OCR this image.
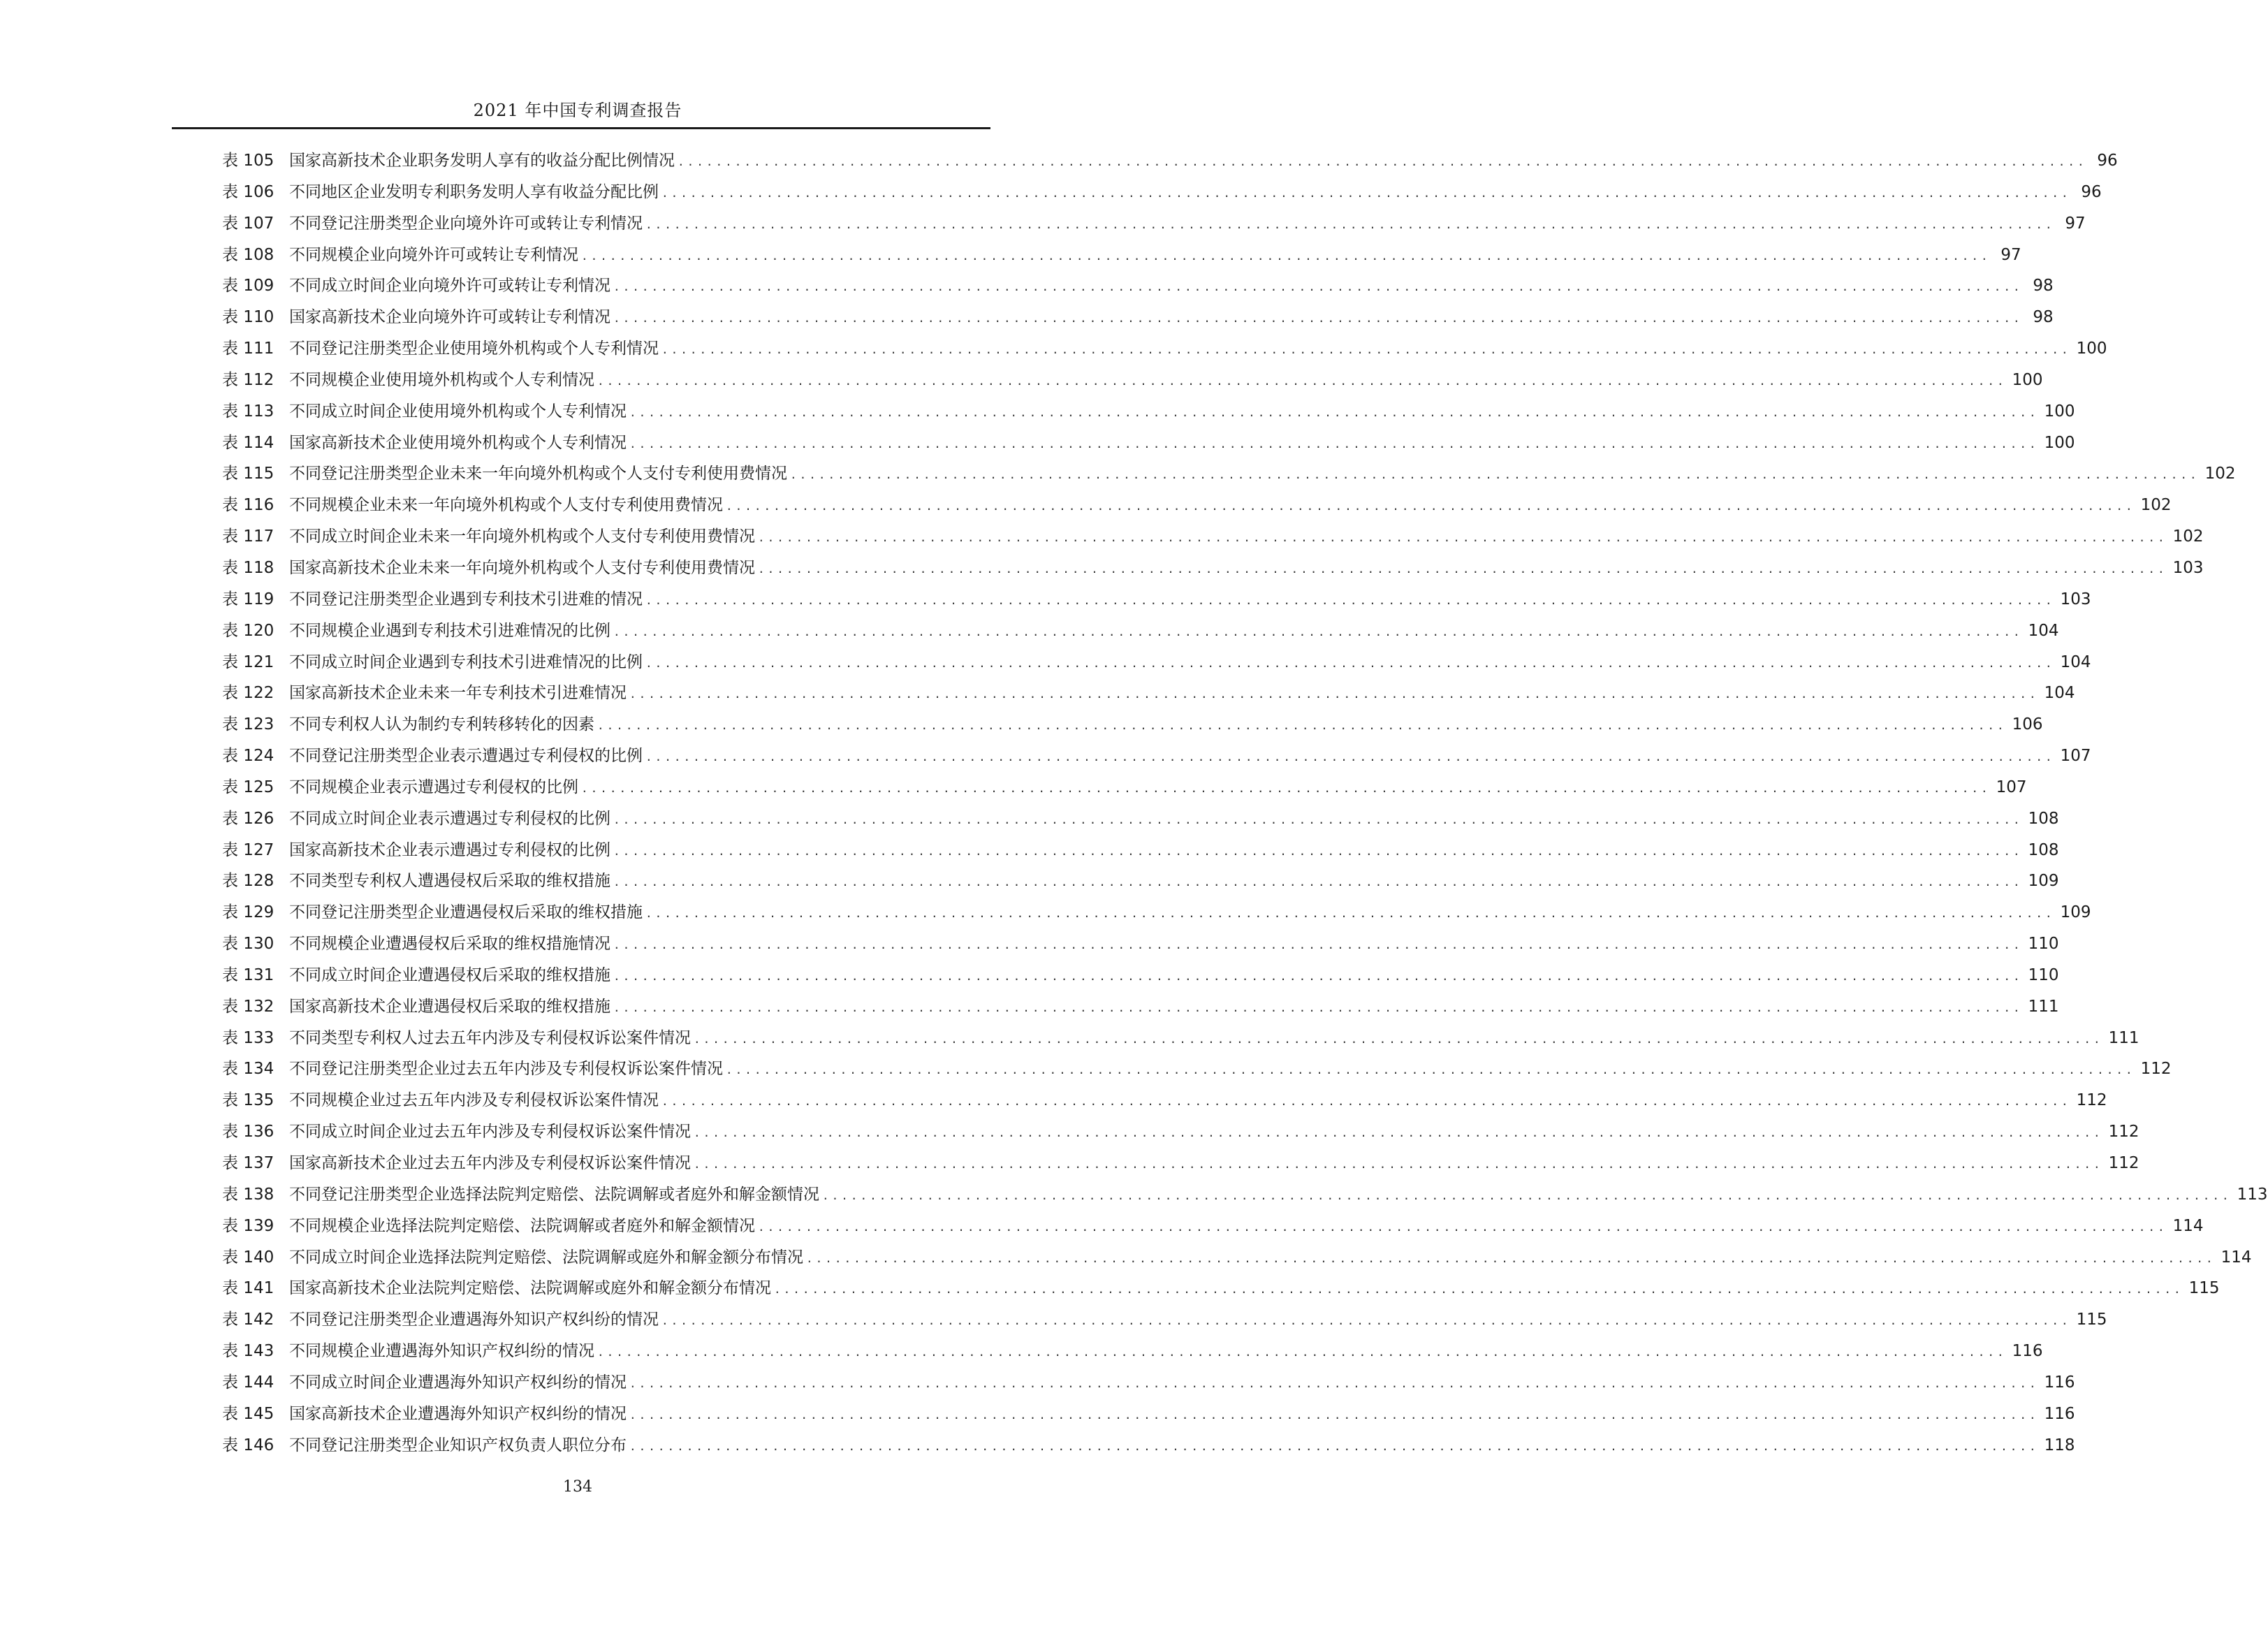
2021 年中国专利调查报告
表 105 国家高新技术企业职务发明人享有的收益分配比例情况 .....	96
表 106 不同地区企业发明专利职务发明人享有收益分配比例 .....	96
表 107 不同登记注册类型企业向境外许可或转让专利情况 .....	97
表 108 不同规模企业向境外许可或转让专利情况 .....	97
表 109 不同成立时间企业向境外许可或转让专利情况 .....	98
表 110 国家高新技术企业向境外许可或转让专利情况 .....	98
表 111 不同登记注册类型企业使用境外机构或个人专利情况 .....	100
表 112 不同规模企业使用境外机构或个人专利情况 .....	100
表 113 不同成立时间企业使用境外机构或个人专利情况 .....	100
表 114 国家高新技术企业使用境外机构或个人专利情况 .....	100
表 115 不同登记注册类型企业未来一年向境外机构或个人支付专利使用费情况 .....	102
表 116 不同规模企业未来一年向境外机构或个人支付专利使用费情况 .....	102
表 117 不同成立时间企业未来一年向境外机构或个人支付专利使用费情况 .....	102
表 118 国家高新技术企业未来一年向境外机构或个人支付专利使用费情况 .....	103
表 119 不同登记注册类型企业遇到专利技术引进难的情况 .....	103
表 120 不同规模企业遇到专利技术引进难情况的比例 .....	104
表 121 不同成立时间企业遇到专利技术引进难情况的比例 .....	104
表 122 国家高新技术企业未来一年专利技术引进难情况 .....	104
表 123 不同专利权人认为制约专利转移转化的因素 .....	106
表 124 不同登记注册类型企业表示遭遇过专利侵权的比例 .....	107
表 125 不同规模企业表示遭遇过专利侵权的比例 .....	107
表 126 不同成立时间企业表示遭遇过专利侵权的比例 .....	108
表 127 国家高新技术企业表示遭遇过专利侵权的比例 .....	108
表 128 不同类型专利权人遭遇侵权后采取的维权措施 .....	109
表 129 不同登记注册类型企业遭遇侵权后采取的维权措施 .....	109
表 130 不同规模企业遭遇侵权后采取的维权措施情况 .....	110
表 131 不同成立时间企业遭遇侵权后采取的维权措施 .....	110
表 132 国家高新技术企业遭遇侵权后采取的维权措施 .....	111
表 133 不同类型专利权人过去五年内涉及专利侵权诉讼案件情况 .....	111
表 134 不同登记注册类型企业过去五年内涉及专利侵权诉讼案件情况 .....	112
表 135 不同规模企业过去五年内涉及专利侵权诉讼案件情况 .....	112
表 136 不同成立时间企业过去五年内涉及专利侵权诉讼案件情况 .....	112
表 137 国家高新技术企业过去五年内涉及专利侵权诉讼案件情况 .....	112
表 138 不同登记注册类型企业选择法院判定赔偿、法院调解或者庭外和解金额情况 .....	113
表 139 不同规模企业选择法院判定赔偿、法院调解或者庭外和解金额情况 .....	114
表 140 不同成立时间企业选择法院判定赔偿、法院调解或庭外和解金额分布情况 .....	114
表 141 国家高新技术企业法院判定赔偿、法院调解或庭外和解金额分布情况 .....	115
表 142 不同登记注册类型企业遭遇海外知识产权纠纷的情况 .....	115
表 143 不同规模企业遭遇海外知识产权纠纷的情况 .....	116
表 144 不同成立时间企业遭遇海外知识产权纠纷的情况 .....	116
表 145 国家高新技术企业遭遇海外知识产权纠纷的情况 .....	116
表 146 不同登记注册类型企业知识产权负责人职位分布 .....	118
134
